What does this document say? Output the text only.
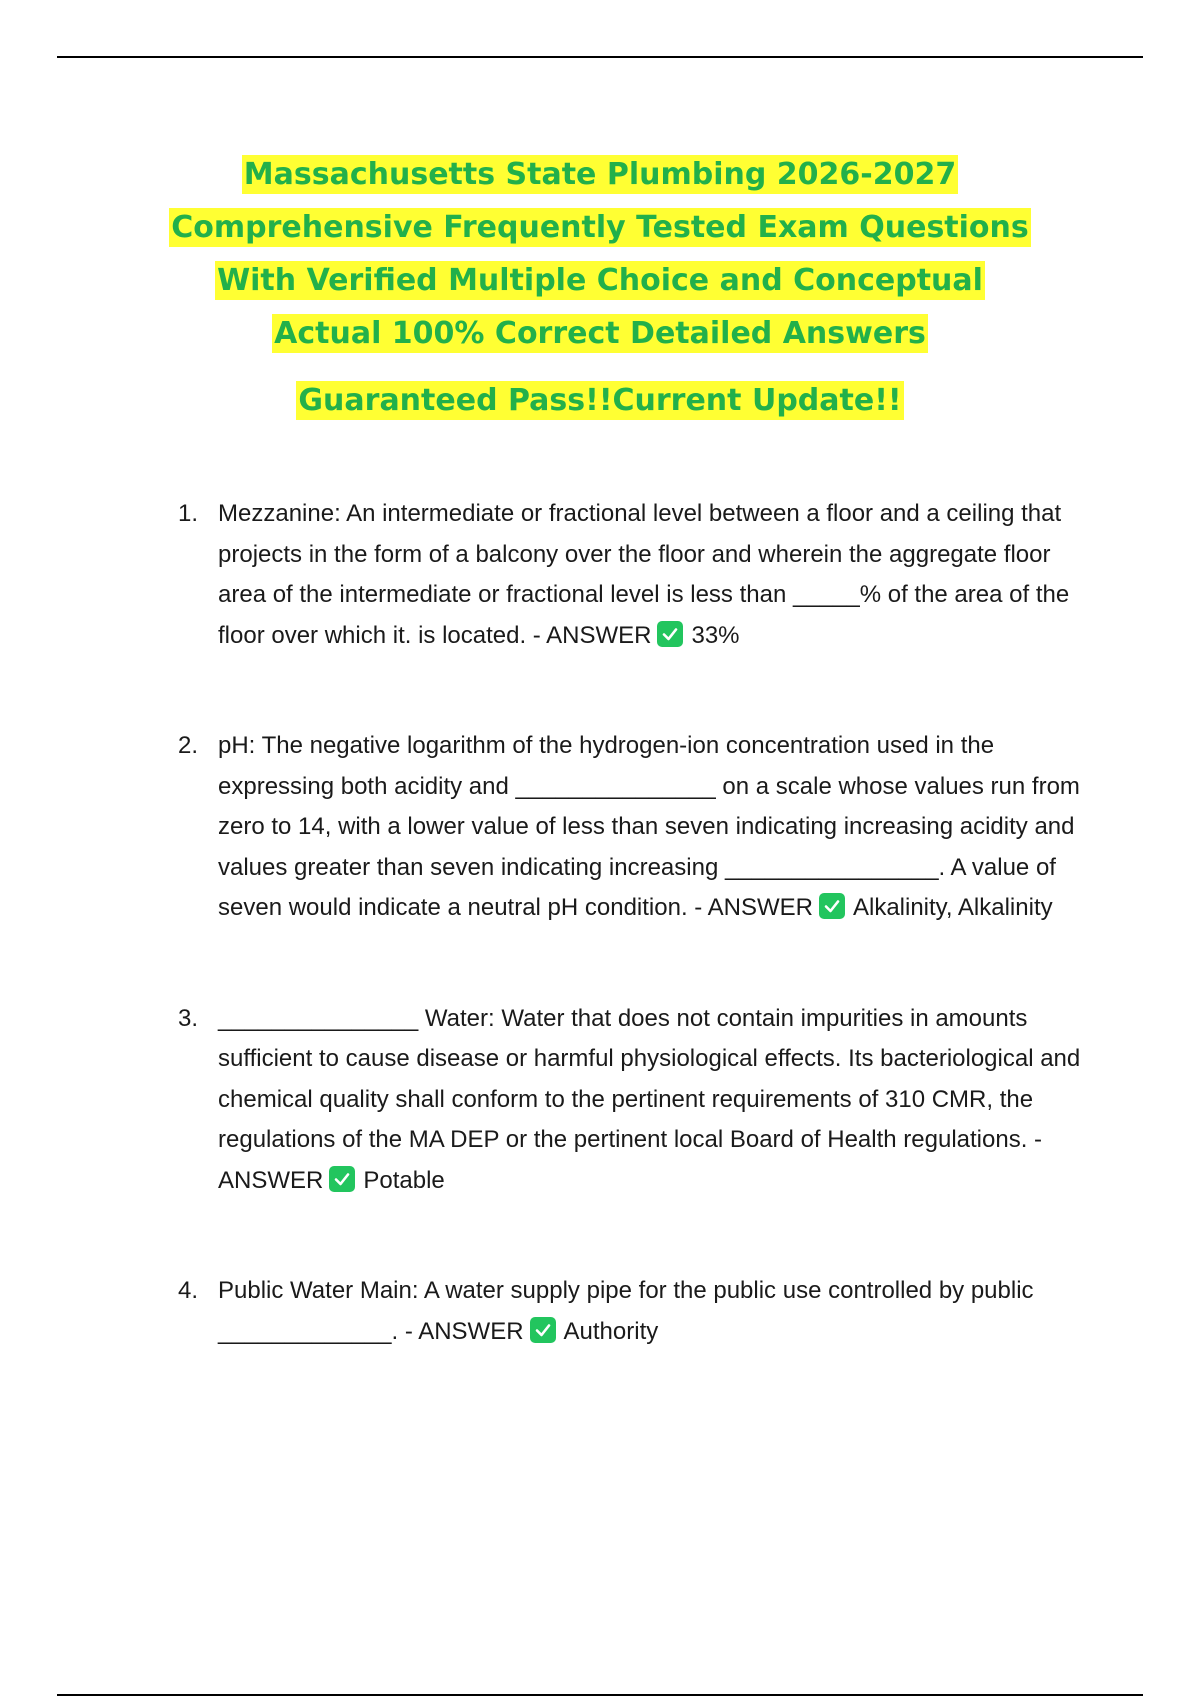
Massachusetts State Plumbing 2026-2027
Comprehensive Frequently Tested Exam Questions
With Verified Multiple Choice and Conceptual
Actual 100% Correct Detailed Answers
Guaranteed Pass!!Current Update!!
1. Mezzanine: An intermediate or fractional level between a floor and a ceiling that projects in the form of a balcony over the floor and wherein the aggregate floor area of the intermediate or fractional level is less than _____% of the area of the floor over which it. is located. - ANSWER 33%
2. pH: The negative logarithm of the hydrogen-ion concentration used in the expressing both acidity and _______________ on a scale whose values run from zero to 14, with a lower value of less than seven indicating increasing acidity and values greater than seven indicating increasing ________________. A value of seven would indicate a neutral pH condition. - ANSWER Alkalinity, Alkalinity
3. _______________ Water: Water that does not contain impurities in amounts sufficient to cause disease or harmful physiological effects. Its bacteriological and chemical quality shall conform to the pertinent requirements of 310 CMR, the regulations of the MA DEP or the pertinent local Board of Health regulations. - ANSWER Potable
4. Public Water Main: A water supply pipe for the public use controlled by public _____________. - ANSWER Authority
